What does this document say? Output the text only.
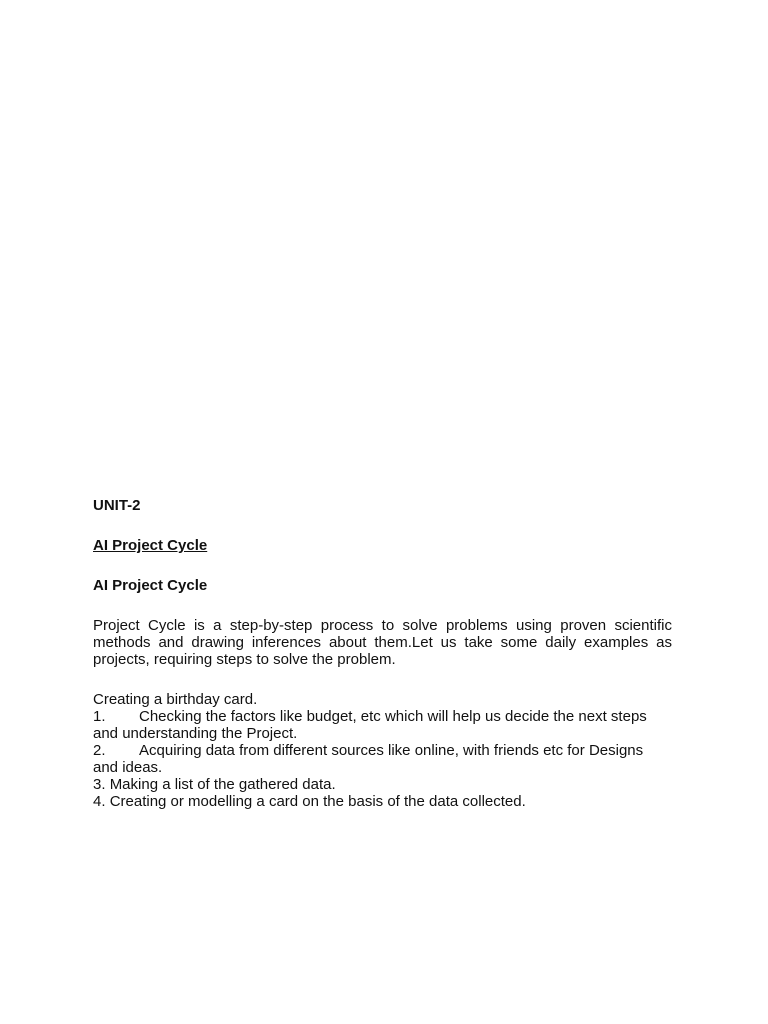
UNIT-2
AI Project Cycle
AI Project Cycle
Project Cycle is a step-by-step process to solve problems using proven scientific methods and drawing inferences about them.Let us take some daily examples as projects, requiring steps to solve the problem.
Creating a birthday card.
1. Checking the factors like budget, etc which will help us decide the next steps and understanding the Project.
2. Acquiring data from different sources like online, with friends etc for Designs and ideas.
3. Making a list of the gathered data.
4. Creating or modelling a card on the basis of the data collected.
